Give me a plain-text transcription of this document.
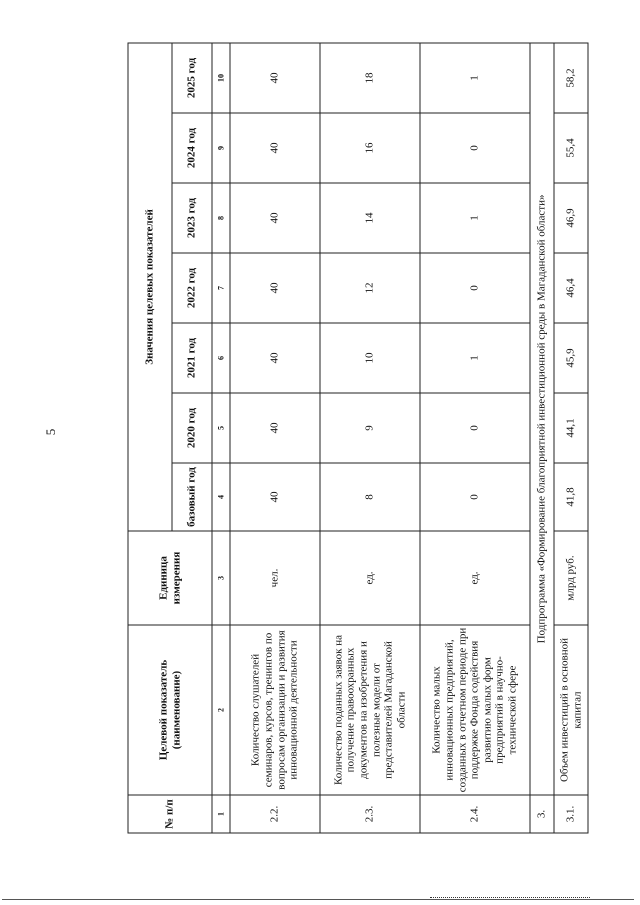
5
№ п/п	Целевой показатель (наименование)	Единица измерения	Значения целевых показателей						
			базовый год	2020 год	2021 год	2022 год	2023 год	2024 год	2025 год
1	2	3	4	5	6	7	8	9	10
2.2.	Количество слушателей семинаров, курсов, тренингов по вопросам организации и развития инновационной деятельности	чел.	40	40	40	40	40	40	40
2.3.	Количество поданных заявок на получение правоохранных документов на изобретения и полезные модели от представителей Магаданской области	ед.	8	9	10	12	14	16	18
2.4.	Количество малых инновационных предприятий, созданных в отчетном периоде при поддержке Фонда содействия развитию малых форм предприятий в научно-технической сфере	ед.	0	0	1	0	1	0	1
3.	Подпрограмма «Формирование благоприятной инвестиционной среды в Магаданской области»								
3.1.	Объем инвестиций в основной капитал	млрд руб.	41,8	44,1	45,9	46,4	46,9	55,4	58,2
